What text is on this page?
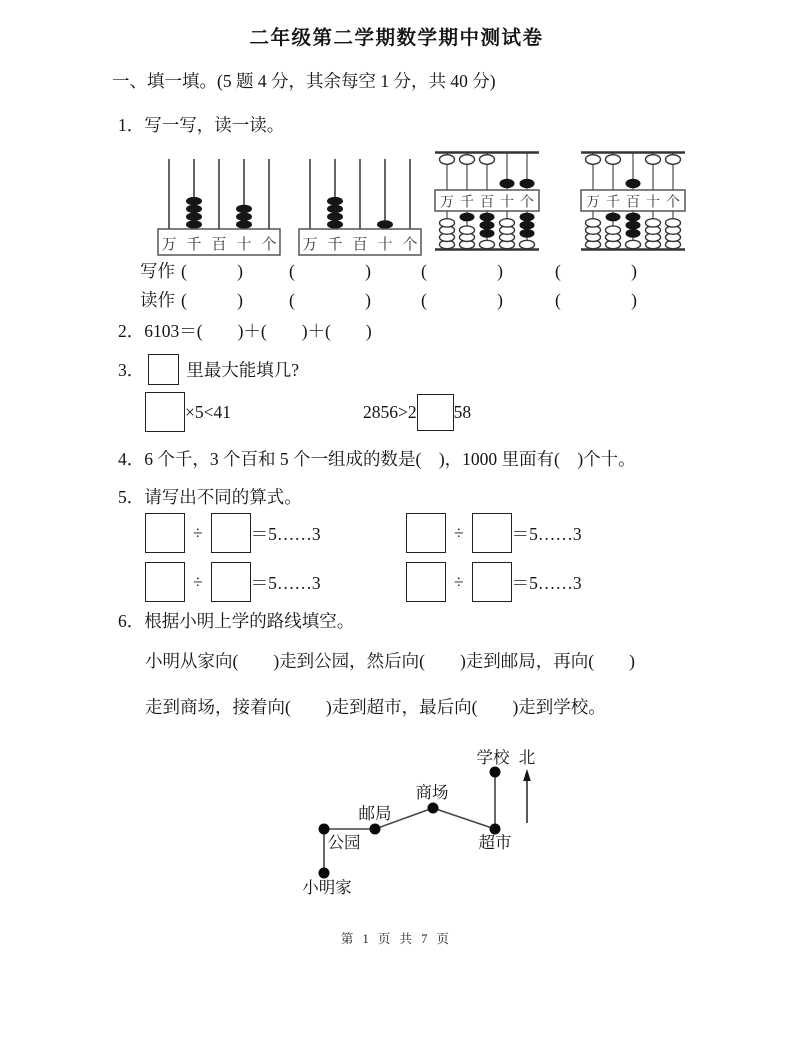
二年级第二学期数学期中测试卷
一、填一填。(5 题 4 分，其余每空 1 分，共 40 分)
1．写一写，读一读。
万 千 百 十 个 万 千 百 十 个
万 千 百 十 个	万 千 百 十 个
写作 (	)	(	)	(	)	(	)
读作 (	)	(	)	(	)	(	)
2．6103＝(　　)＋(　　)＋(　　)
3． 里最大能填几?
×5<41	2856>2 58
4．6 个千，3 个百和 5 个一组成的数是(　)，1000 里面有(　)个十。
5．请写出不同的算式。
÷	＝5……3	÷	＝5……3
÷	＝5……3	÷	＝5……3
6．根据小明上学的路线填空。
小明从家向(　　)走到公园，然后向(　　)走到邮局，再向(　　)
走到商场，接着向(　　)走到超市，最后向(　　)走到学校。
北
小明家
公园
邮局
商场
超市
学校
第 1 页 共 7 页
